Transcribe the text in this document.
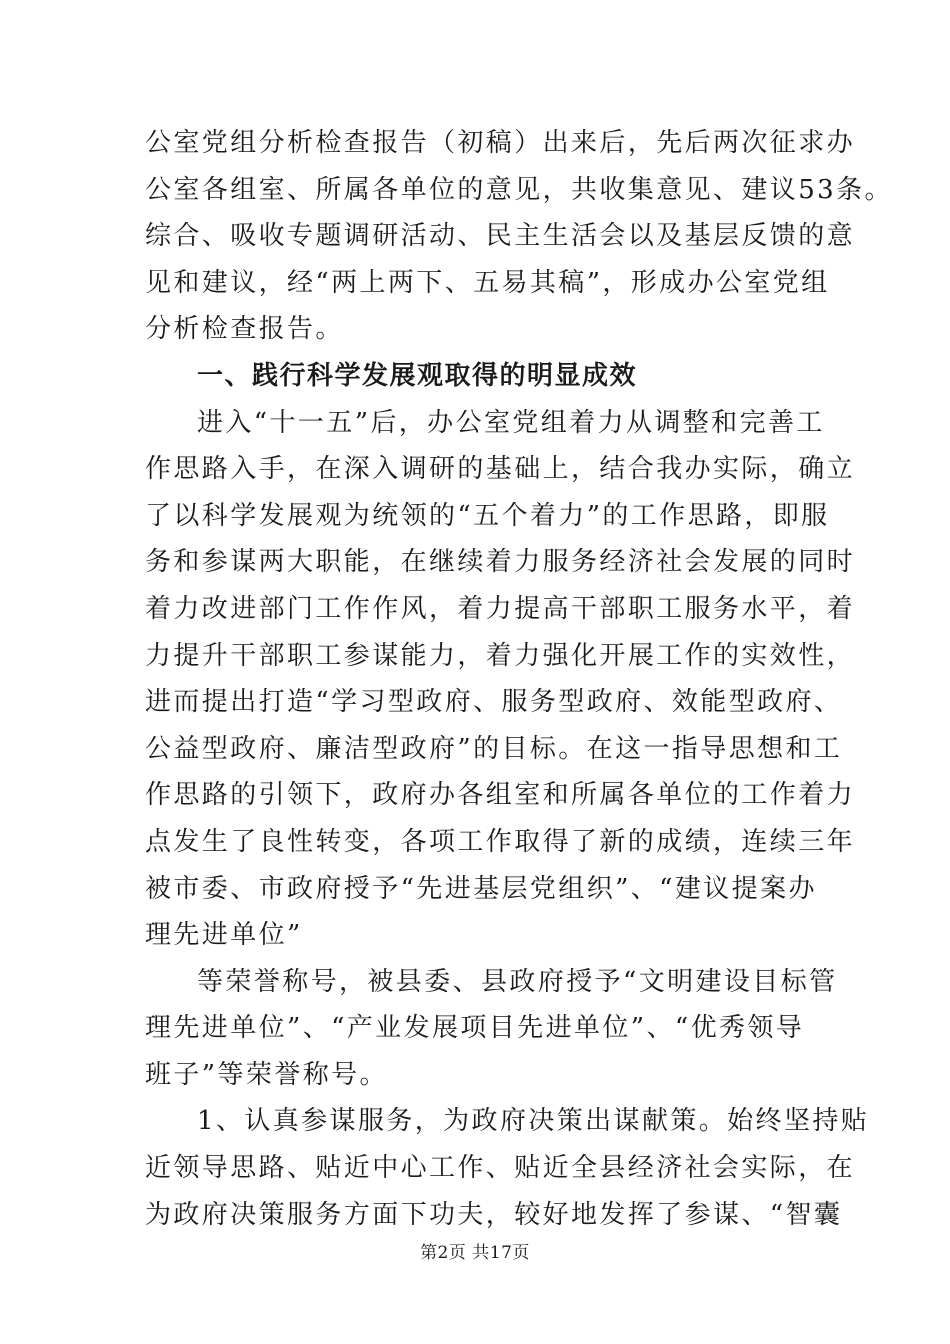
公室党组分析检查报告（初稿）出来后，先后两次征求办
公室各组室、所属各单位的意见，共收集意见、建议53条。
综合、吸收专题调研活动、民主生活会以及基层反馈的意
见和建议，经“两上两下、五易其稿”，形成办公室党组
分析检查报告。
一、践行科学发展观取得的明显成效
进入“十一五”后，办公室党组着力从调整和完善工
作思路入手，在深入调研的基础上，结合我办实际，确立
了以科学发展观为统领的“五个着力”的工作思路，即服
务和参谋两大职能，在继续着力服务经济社会发展的同时
着力改进部门工作作风，着力提高干部职工服务水平，着
力提升干部职工参谋能力，着力强化开展工作的实效性，
进而提出打造“学习型政府、服务型政府、效能型政府、
公益型政府、廉洁型政府”的目标。在这一指导思想和工
作思路的引领下，政府办各组室和所属各单位的工作着力
点发生了良性转变，各项工作取得了新的成绩，连续三年
被市委、市政府授予“先进基层党组织”、“建议提案办
理先进单位”
等荣誉称号，被县委、县政府授予“文明建设目标管
理先进单位”、“产业发展项目先进单位”、“优秀领导
班子”等荣誉称号。
1、认真参谋服务，为政府决策出谋献策。始终坚持贴
近领导思路、贴近中心工作、贴近全县经济社会实际，在
为政府决策服务方面下功夫，较好地发挥了参谋、“智囊
第2页 共17页
